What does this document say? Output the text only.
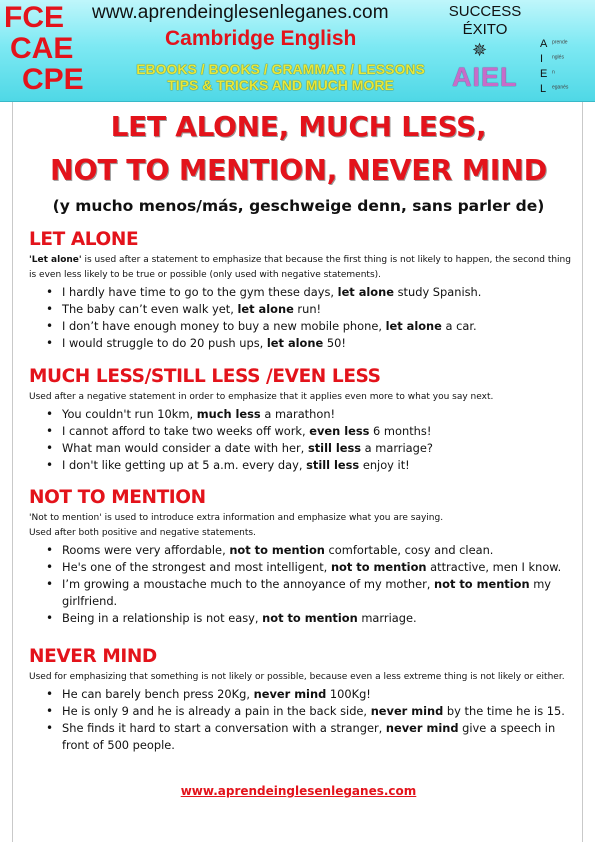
FCE
CAE
CPE
www.aprendeinglesenleganes.com
Cambridge English
EBOOKS / BOOKS / GRAMMAR / LESSONS
TIPS & TRICKS AND MUCH MORE
SUCCESS
ÉXITO
✵
AIEL
Aprende
I nglés
En
L eganés
LET ALONE, MUCH LESS,
NOT TO MENTION, NEVER MIND
(y mucho menos/más, geschweige denn, sans parler de)
LET ALONE
'Let alone' is used after a statement to emphasize that because the first thing is not likely to happen, the second thing is even less likely to be true or possible (only used with negative statements).
• I hardly have time to go to the gym these days, let alone study Spanish.
• The baby can’t even walk yet, let alone run!
• I don’t have enough money to buy a new mobile phone, let alone a car.
• I would struggle to do 20 push ups, let alone 50!
MUCH LESS/STILL LESS /EVEN LESS
Used after a negative statement in order to emphasize that it applies even more to what you say next.
• You couldn't run 10km, much less a marathon!
• I cannot afford to take two weeks off work, even less 6 months!
• What man would consider a date with her, still less a marriage?
• I don't like getting up at 5 a.m. every day, still less enjoy it!
NOT TO MENTION
'Not to mention' is used to introduce extra information and emphasize what you are saying.
Used after both positive and negative statements.
• Rooms were very affordable, not to mention comfortable, cosy and clean.
• He's one of the strongest and most intelligent, not to mention attractive, men I know.
• I’m growing a moustache much to the annoyance of my mother, not to mention my girlfriend.
• Being in a relationship is not easy, not to mention marriage.
NEVER MIND
Used for emphasizing that something is not likely or possible, because even a less extreme thing is not likely or either.
• He can barely bench press 20Kg, never mind 100Kg!
• He is only 9 and he is already a pain in the back side, never mind by the time he is 15.
• She finds it hard to start a conversation with a stranger, never mind give a speech in front of 500 people.
www.aprendeinglesenleganes.com
